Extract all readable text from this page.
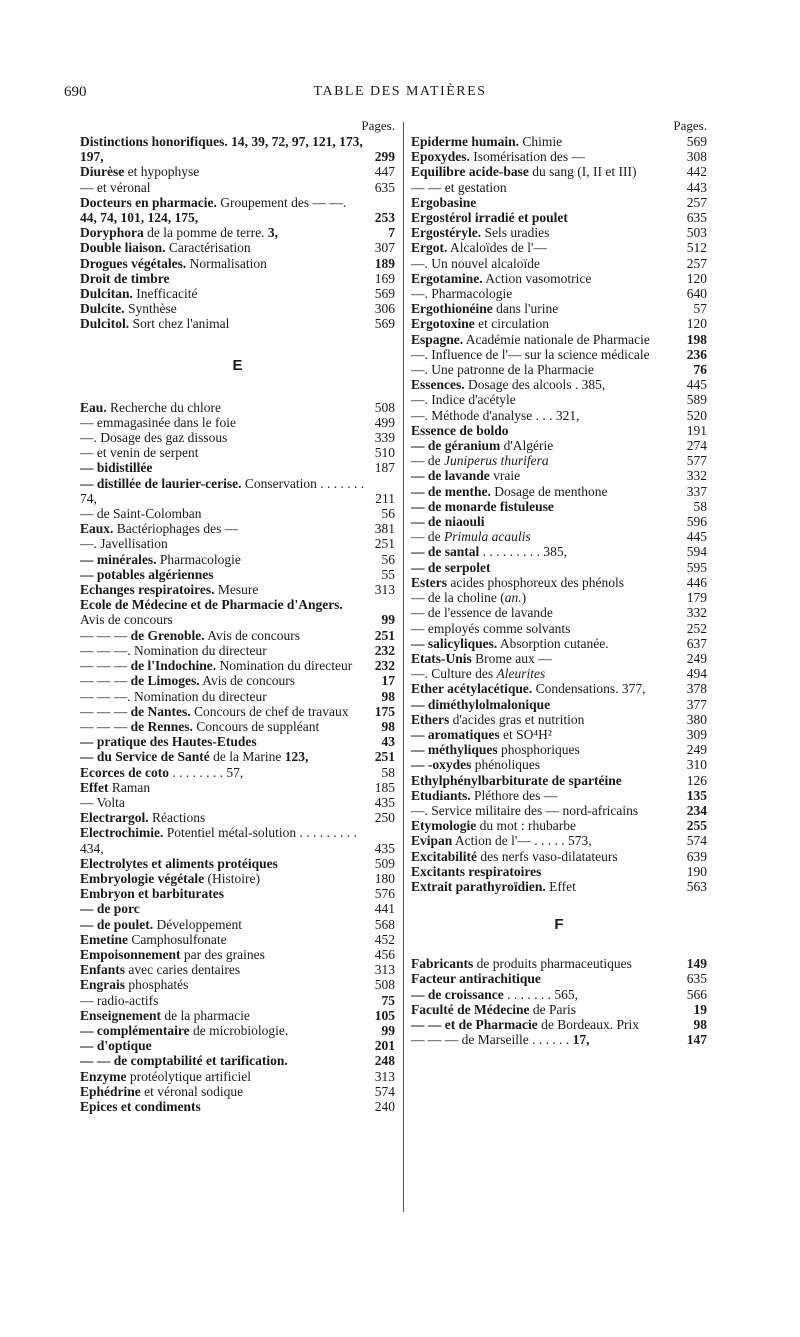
690	TABLE DES MATIÈRES
Pages.
Distinctions honorifiques. 14, 39, 72, 97, 121, 173, 197,	299
Diurèse et hypophyse	447
— et véronal	635
Docteurs en pharmacie. Groupement des — —. 44, 74, 101, 124, 175,	253
Doryphora de la pomme de terre. 3,	7
Double liaison. Caractérisation	307
Drogues végétales. Normalisation	189
Droit de timbre	169
Dulcitan. Inefficacité	569
Dulcite. Synthèse	306
Dulcitol. Sort chez l'animal	569
E
Eau. Recherche du chlore	508
— emmagasinée dans le foie	499
—. Dosage des gaz dissous	339
— et venin de serpent	510
— bidistillée	187
— distillée de laurier-cerise. Conservation . . . . . . . 74,	211
— de Saint-Colomban	56
Eaux. Bactériophages des —	381
—. Javellisation	251
— minérales. Pharmacologie	56
— potables algériennes	55
Echanges respiratoires. Mesure	313
Ecole de Médecine et de Pharmacie d'Angers. Avis de concours	99
— — — de Grenoble. Avis de concours	251
— — —. Nomination du directeur	232
— — — de l'Indochine. Nomination du directeur	232
— — — de Limoges. Avis de concours	17
— — —. Nomination du directeur	98
— — — de Nantes. Concours de chef de travaux	175
— — — de Rennes. Concours de suppléant	98
— pratique des Hautes-Etudes	43
— du Service de Santé de la Marine 123,	251
Ecorces de coto . . . . . . . . 57,	58
Effet Raman	185
— Volta	435
Electrargol. Réactions	250
Electrochimie. Potentiel métal-solution . . . . . . . . . 434,	435
Electrolytes et aliments protéiques	509
Embryologie végétale (Histoire)	180
Embryon et barbiturates	576
— de porc	441
— de poulet. Développement	568
Emetine Camphosulfonate	452
Empoisonnement par des graines	456
Enfants avec caries dentaires	313
Engrais phosphatés	508
— radio-actifs	75
Enseignement de la pharmacie	105
— complémentaire de microbiologie.	99
— d'optique	201
— — de comptabilité et tarification.	248
Enzyme protéolytique artificiel	313
Ephédrine et véronal sodique	574
Epices et condiments	240
Pages.
Epiderme humain. Chimie	569
Epoxydes. Isomérisation des —	308
Equilibre acide-base du sang (I, II et III)	442
— — et gestation	443
Ergobasine	257
Ergostérol irradié et poulet	635
Ergostéryle. Sels uradies	503
Ergot. Alcaloïdes de l'—	512
—. Un nouvel alcaloïde	257
Ergotamine. Action vasomotrice	120
—. Pharmacologie	640
Ergothionéine dans l'urine	57
Ergotoxine et circulation	120
Espagne. Académie nationale de Pharmacie	198
—. Influence de l'— sur la science médicale	236
—. Une patronne de la Pharmacie	76
Essences. Dosage des alcools . 385,	445
—. Indice d'acétyle	589
—. Méthode d'analyse . . . 321,	520
Essence de boldo	191
— de géranium d'Algérie	274
— de Juniperus thurifera	577
— de lavande vraie	332
— de menthe. Dosage de menthone	337
— de monarde fistuleuse	58
— de niaouli	596
— de Primula acaulis	445
— de santal . . . . . . . . . 385,	594
— de serpolet	595
Esters acides phosphoreux des phénols	446
— de la choline (an.)	179
— de l'essence de lavande	332
— employés comme solvants	252
— salicyliques. Absorption cutanée.	637
Etats-Unis Brome aux —	249
—. Culture des Aleurites	494
Ether acétylacétique. Condensations. 377,	378
— diméthylolmalonique	377
Ethers d'acides gras et nutrition	380
— aromatiques et SO⁴H²	309
— méthyliques phosphoriques	249
— -oxydes phénoliques	310
Ethylphénylbarbiturate de spartéine	126
Etudiants. Pléthore des —	135
—. Service militaire des — nord-africains	234
Etymologie du mot : rhubarbe	255
Evipan Action de l'— . . . . . 573,	574
Excitabilité des nerfs vaso-dilatateurs	639
Excitants respiratoires	190
Extrait parathyroïdien. Effet	563
F
Fabricants de produits pharmaceutiques	149
Facteur antirachitique	635
— de croissance . . . . . . . 565,	566
Faculté de Médecine de Paris	19
— — et de Pharmacie de Bordeaux. Prix	98
— — — de Marseille . . . . . . 17,	147
